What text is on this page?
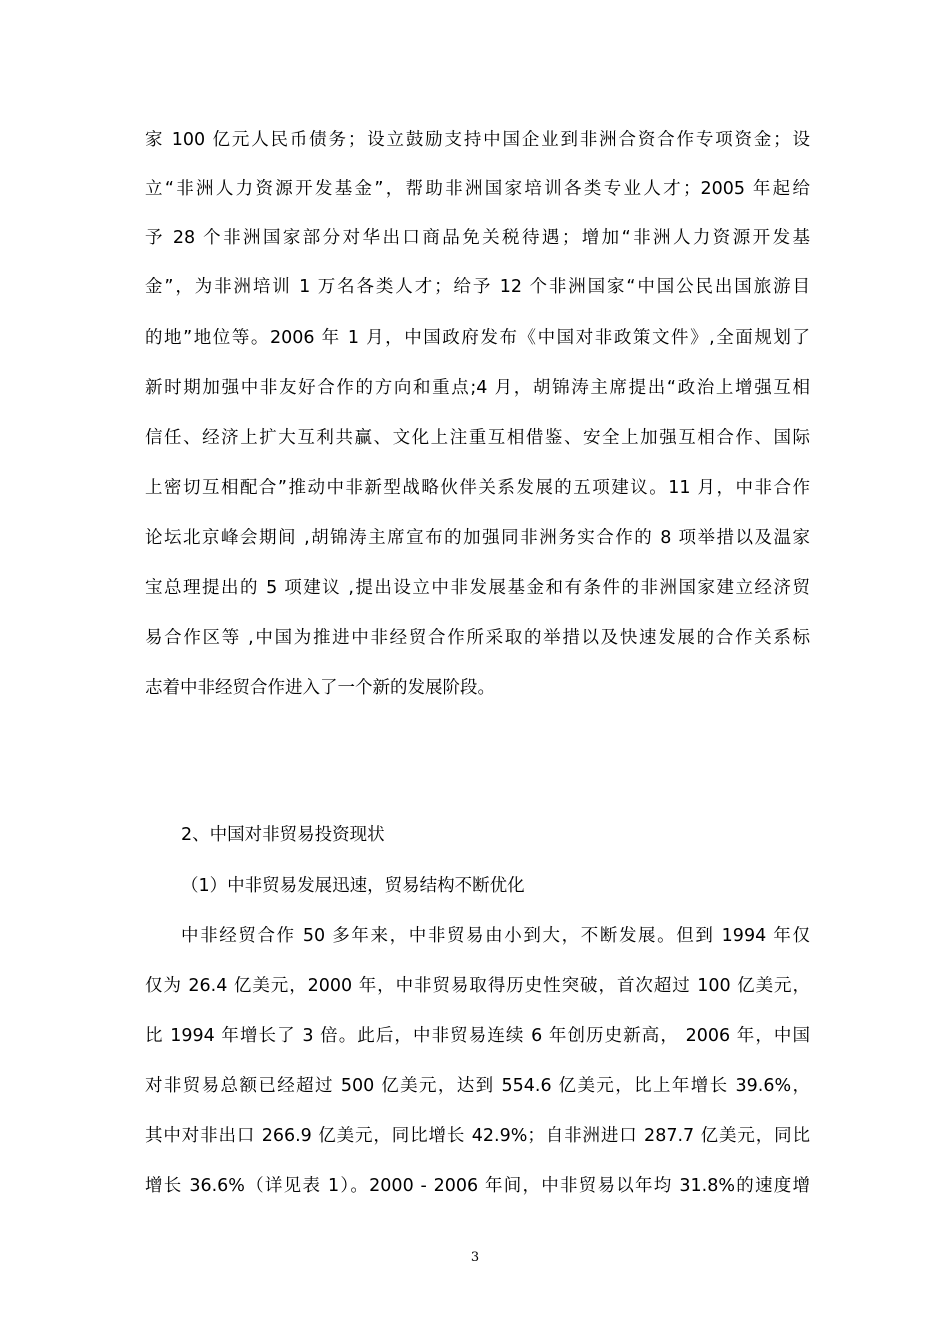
家 100 亿元人民币债务；设立鼓励支持中国企业到非洲合资合作专项资金；设
立“非洲人力资源开发基金”，帮助非洲国家培训各类专业人才；2005 年起给
予 28 个非洲国家部分对华出口商品免关税待遇；增加“非洲人力资源开发基
金”，为非洲培训 1 万名各类人才；给予 12 个非洲国家“中国公民出国旅游目
的地”地位等。2006 年 1 月，中国政府发布《中国对非政策文件》,全面规划了
新时期加强中非友好合作的方向和重点;4 月，胡锦涛主席提出“政治上增强互相
信任、经济上扩大互利共赢、文化上注重互相借鉴、安全上加强互相合作、国际
上密切互相配合”推动中非新型战略伙伴关系发展的五项建议。11 月，中非合作
论坛北京峰会期间 ,胡锦涛主席宣布的加强同非洲务实合作的 8 项举措以及温家
宝总理提出的 5 项建议 ,提出设立中非发展基金和有条件的非洲国家建立经济贸
易合作区等 ,中国为推进中非经贸合作所采取的举措以及快速发展的合作关系标
志着中非经贸合作进入了一个新的发展阶段。
2、中国对非贸易投资现状
（1）中非贸易发展迅速，贸易结构不断优化
中非经贸合作 50 多年来，中非贸易由小到大，不断发展。但到 1994 年仅
仅为 26.4 亿美元，2000 年，中非贸易取得历史性突破，首次超过 100 亿美元，
比 1994 年增长了 3 倍。此后，中非贸易连续 6 年创历史新高， 2006 年，中国
对非贸易总额已经超过 500 亿美元，达到 554.6 亿美元，比上年增长 39.6%，
其中对非出口 266.9 亿美元，同比增长 42.9%；自非洲进口 287.7 亿美元，同比
增长 36.6%（详见表 1）。2000 - 2006 年间，中非贸易以年均 31.8%的速度增
3
